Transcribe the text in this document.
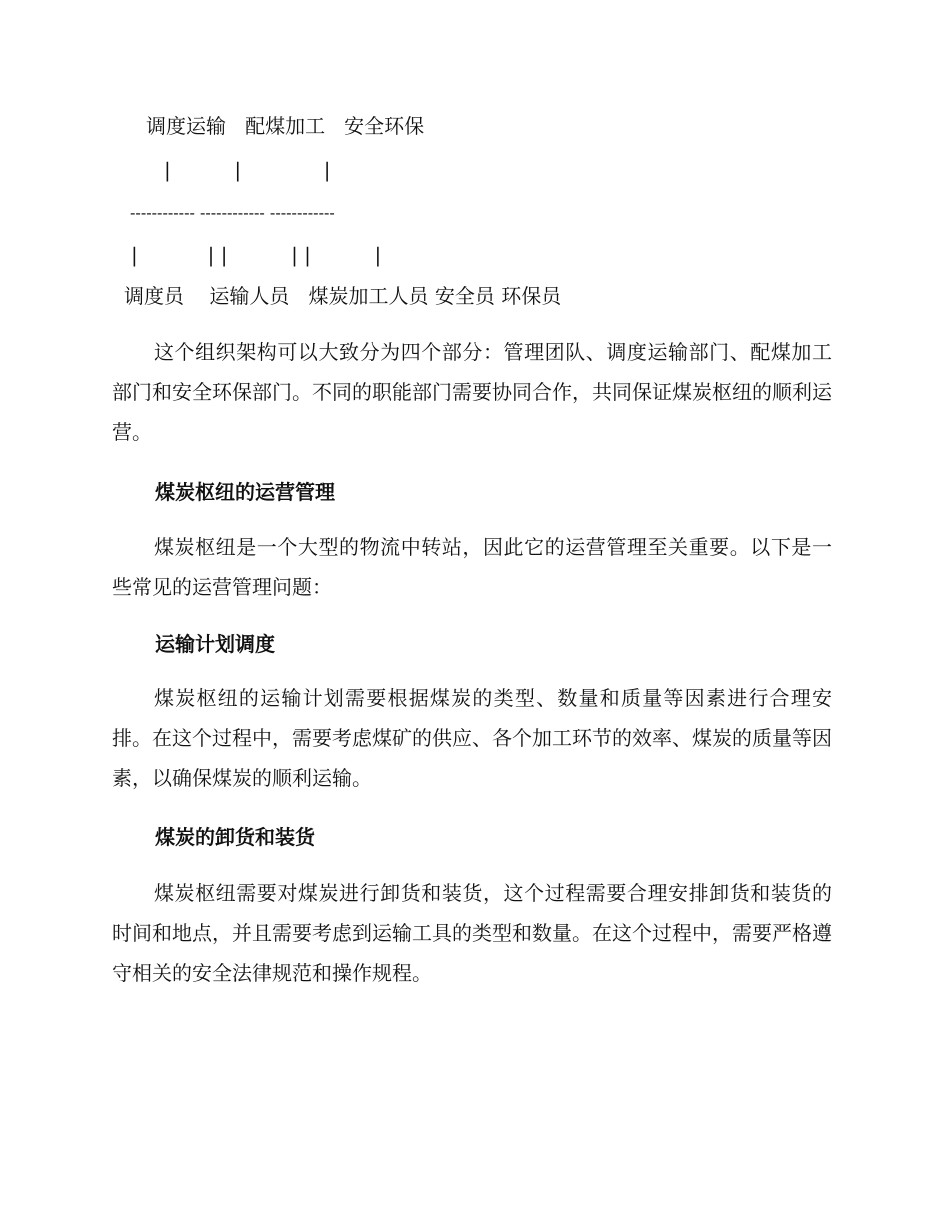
调度运输   配煤加工   安全环保
|          |             |
------------ ------------ ------------
|           | |          | |          |
调度员    运输人员   煤炭加工人员 安全员 环保员
这个组织架构可以大致分为四个部分：管理团队、调度运输部门、配煤加工部门和安全环保部门。不同的职能部门需要协同合作，共同保证煤炭枢纽的顺利运营。
煤炭枢纽的运营管理
煤炭枢纽是一个大型的物流中转站，因此它的运营管理至关重要。以下是一些常见的运营管理问题：
运输计划调度
煤炭枢纽的运输计划需要根据煤炭的类型、数量和质量等因素进行合理安排。在这个过程中，需要考虑煤矿的供应、各个加工环节的效率、煤炭的质量等因素，以确保煤炭的顺利运输。
煤炭的卸货和装货
煤炭枢纽需要对煤炭进行卸货和装货，这个过程需要合理安排卸货和装货的时间和地点，并且需要考虑到运输工具的类型和数量。在这个过程中，需要严格遵守相关的安全法律规范和操作规程。
